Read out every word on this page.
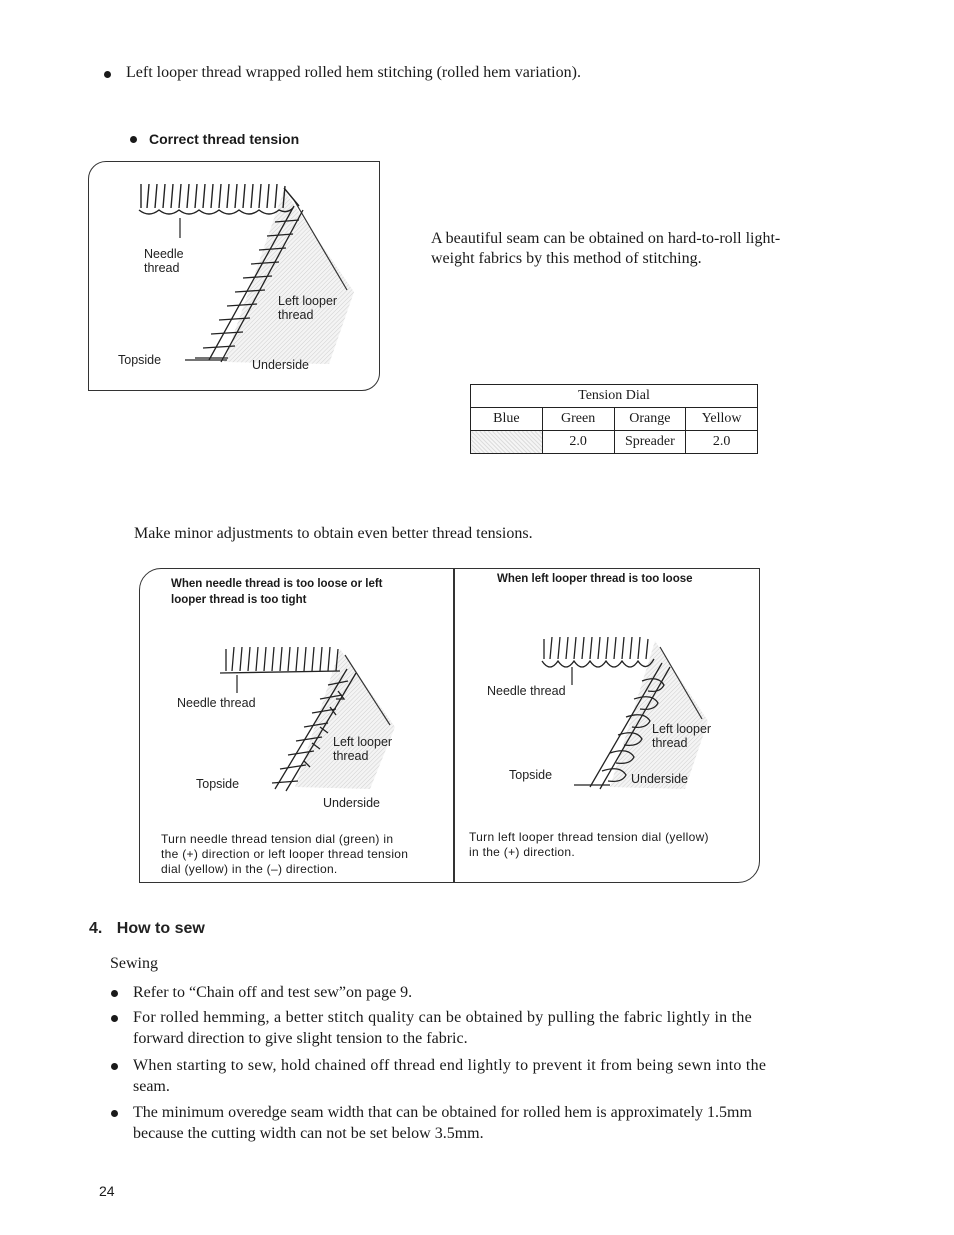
Left looper thread wrapped rolled hem stitching (rolled hem variation).
Correct thread tension
Needle
thread
Left looper
thread
Topside	Underside
A beautiful seam can be obtained on hard-to-roll light-
weight fabrics by this method of stitching.
Tension Dial			
Blue	Green	Orange	Yellow
	2.0	Spreader	2.0
Make minor adjustments to obtain even better thread tensions.
When needle thread is too loose or left
looper thread is too tight
Needle thread
Left looper
thread
Topside
Underside
Turn needle thread tension dial (green) in
the (+) direction or left looper thread tension
dial (yellow) in the (–) direction.
When left looper thread is too loose
Needle thread
Left looper
thread
Topside	Underside
Turn left looper thread tension dial (yellow)
in the (+) direction.
4. How to sew
Sewing
Refer to “Chain off and test sew”on page 9.
For rolled hemming, a better stitch quality can be obtained by pulling the fabric lightly in the
forward direction to give slight tension to the fabric.
When starting to sew, hold chained off thread end lightly to prevent it from being sewn into the
seam.
The minimum overedge seam width that can be obtained for rolled hem is approximately 1.5mm
because the cutting width can not be set below 3.5mm.
24
